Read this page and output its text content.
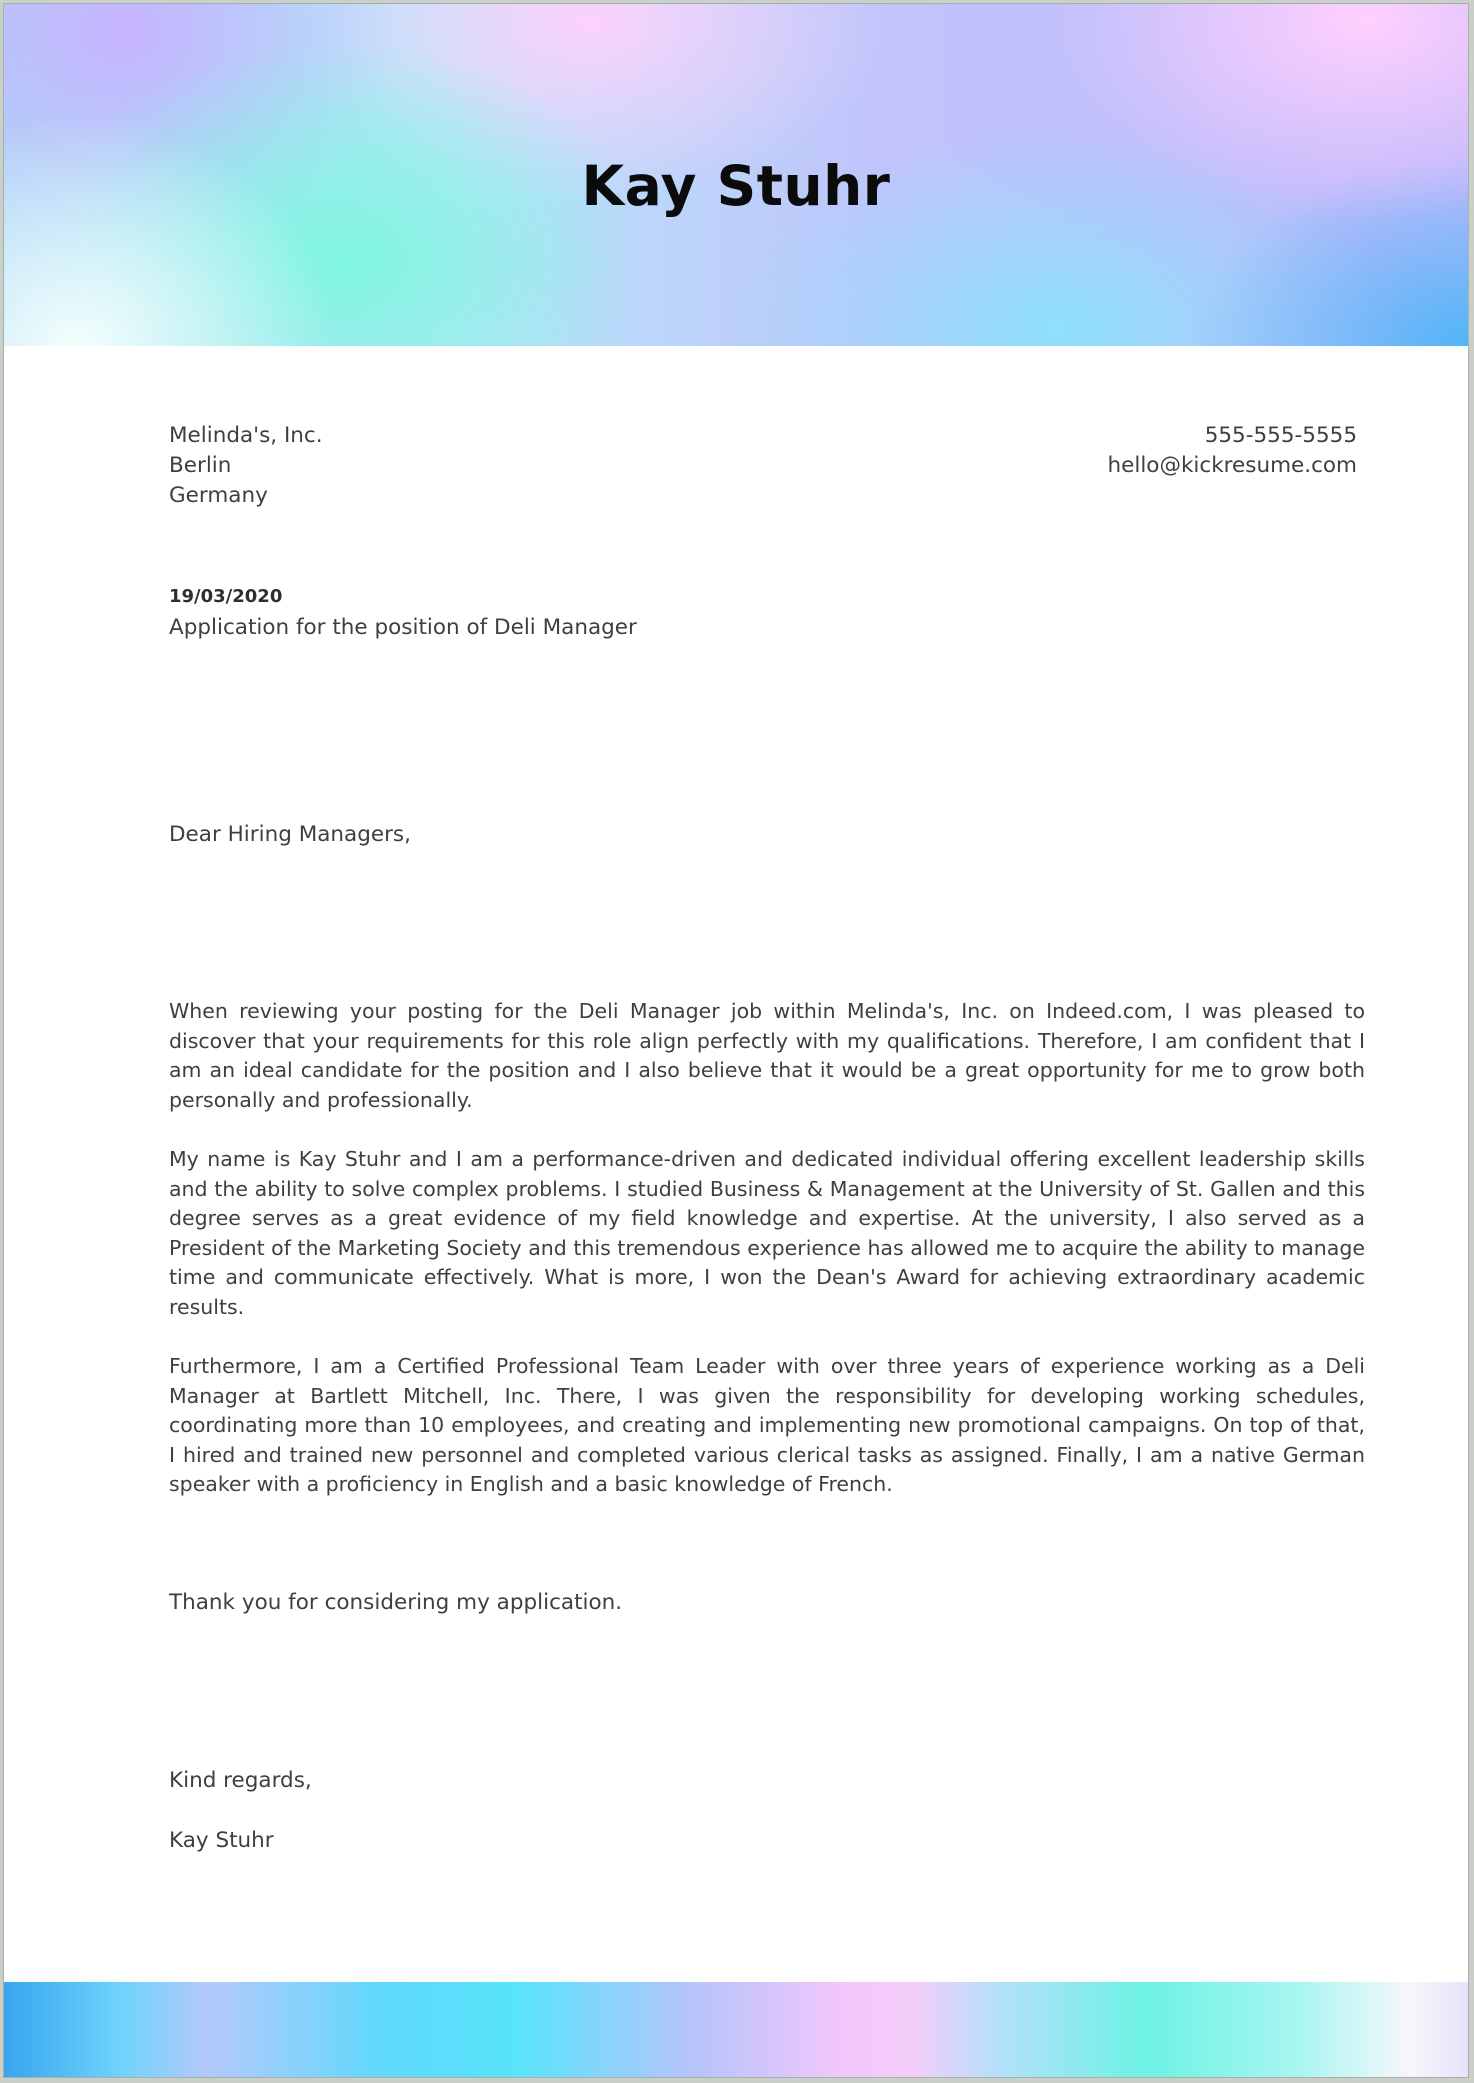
Kay Stuhr
Melinda's, Inc.
Berlin
Germany
555-555-5555
hello@kickresume.com
19/03/2020
Application for the position of Deli Manager
Dear Hiring Managers,

When reviewing your posting for the Deli Manager job within Melinda's, Inc. on Indeed.com, I was pleased to discover that your requirements for this role align perfectly with my qualifications. Therefore, I am confident that I am an ideal candidate for the position and I also believe that it would be a great opportunity for me to grow both personally and professionally.

My name is Kay Stuhr and I am a performance-driven and dedicated individual offering excellent leadership skills and the ability to solve complex problems. I studied Business & Management at the University of St. Gallen and this degree serves as a great evidence of my field knowledge and expertise. At the university, I also served as a President of the Marketing Society and this tremendous experience has allowed me to acquire the ability to manage time and communicate effectively. What is more, I won the Dean's Award for achieving extraordinary academic results.

Furthermore, I am a Certified Professional Team Leader with over three years of experience working as a Deli Manager at Bartlett Mitchell, Inc. There, I was given the responsibility for developing working schedules, coordinating more than 10 employees, and creating and implementing new promotional campaigns. On top of that, I hired and trained new personnel and completed various clerical tasks as assigned. Finally, I am a native German speaker with a proficiency in English and a basic knowledge of French.

Thank you for considering my application.
Kind regards,
Kay Stuhr
